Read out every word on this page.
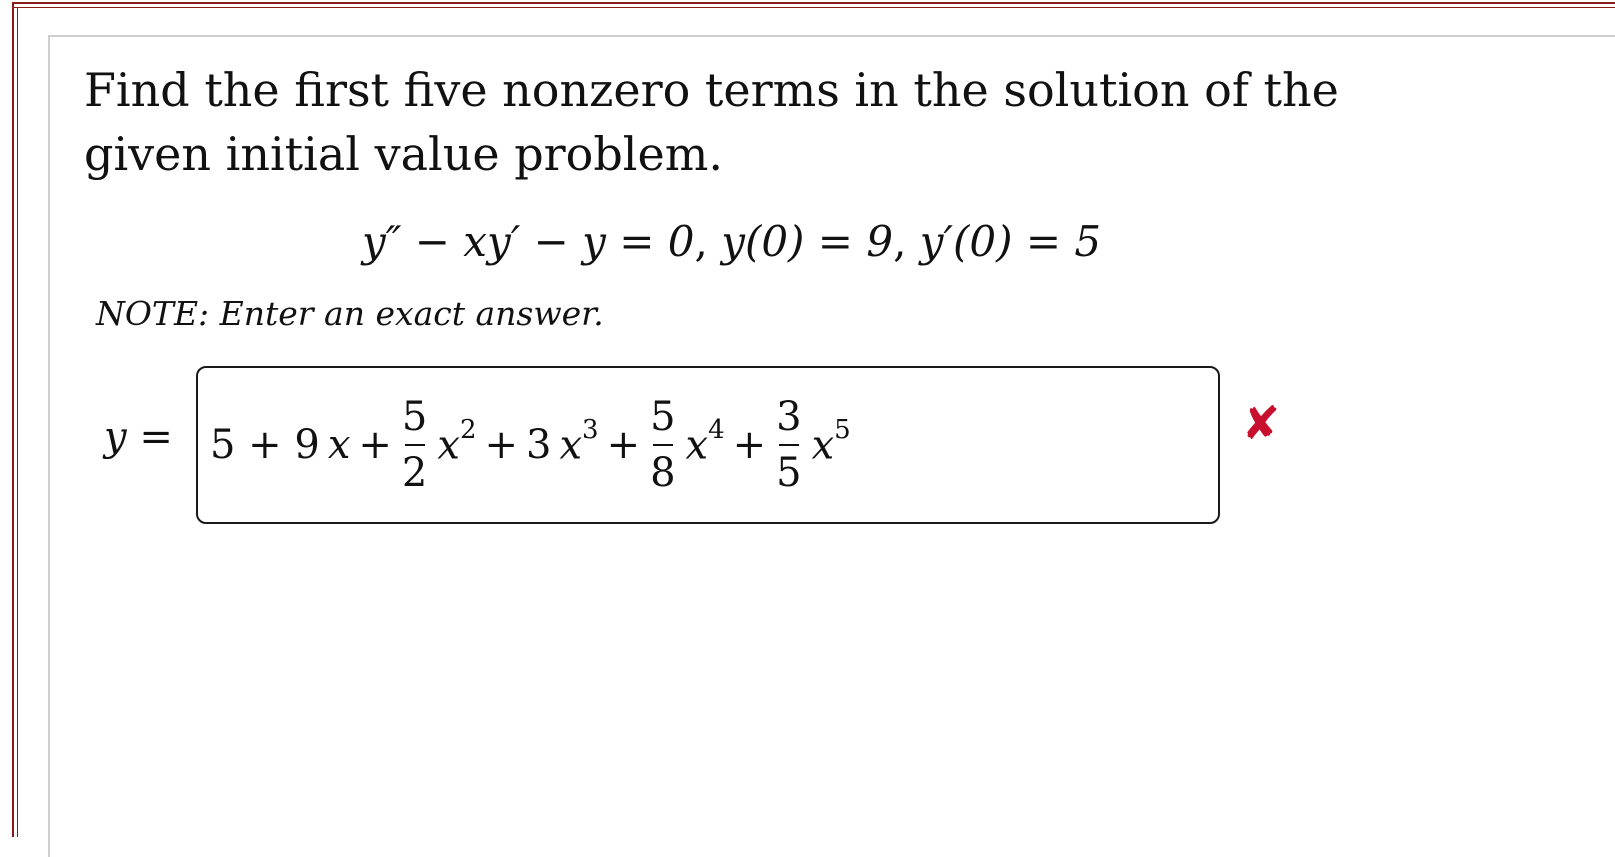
Find the first five nonzero terms in the solution of the given initial value problem.
y″ − xy′ − y = 0, y(0) = 9, y′(0) = 5
NOTE: Enter an exact answer.
y = 5 + 9 $x + \frac{5}{2} x^2 + 3$ $x^3 + \frac{5}{8} x^4 + \frac{3}{5} x^5$	✘
